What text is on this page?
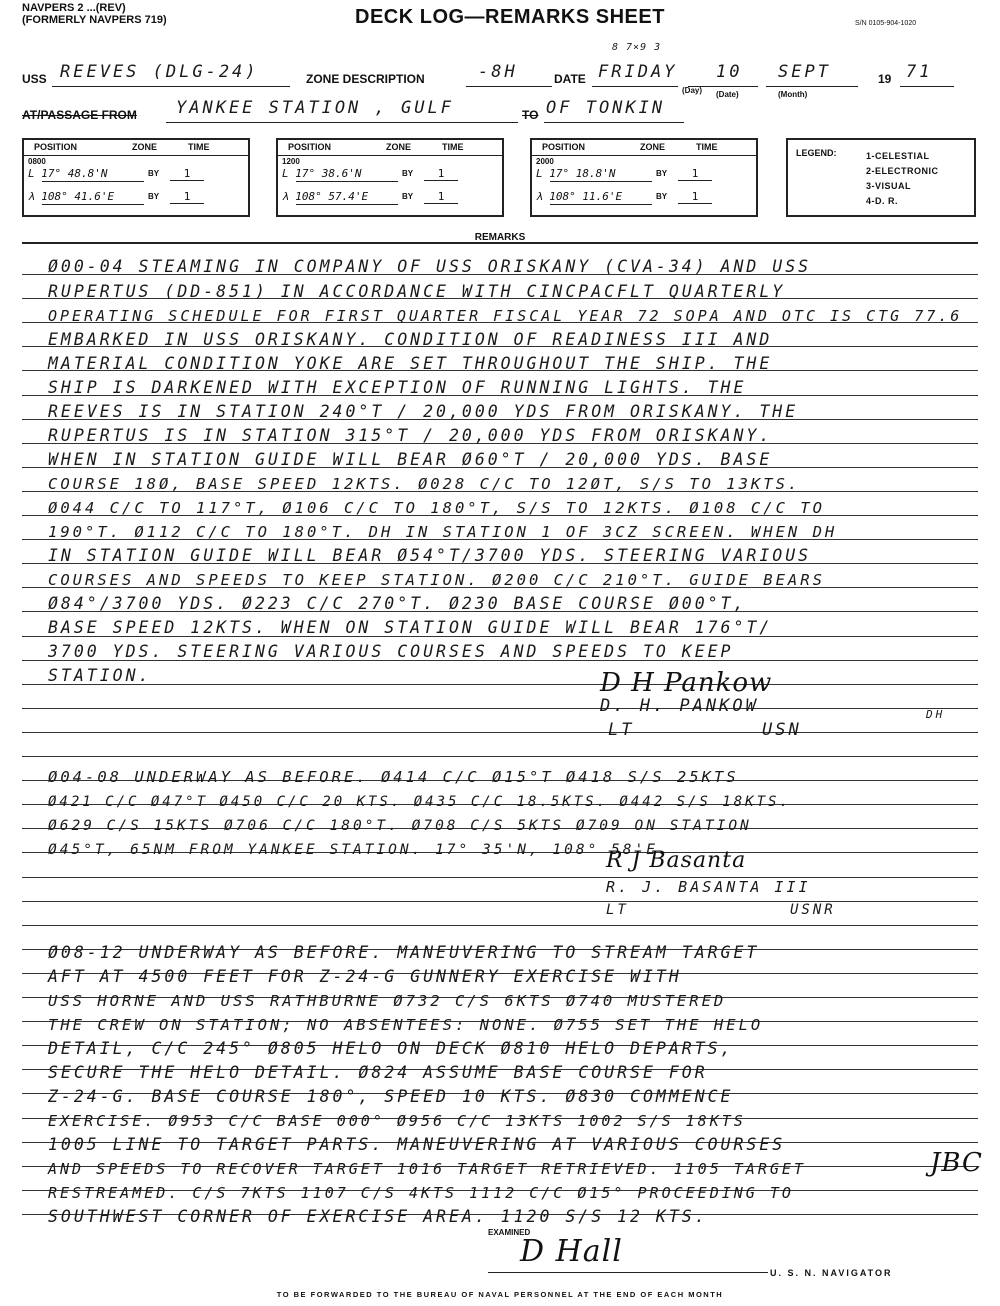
NAVPERS 2 ...(REV)
(FORMERLY NAVPERS 719)	DECK LOG—REMARKS SHEET	S/N 0105-904-1020
8 7×9 3
USS REEVES (DLG-24)	ZONE DESCRIPTION	-8H	DATE FRIDAY
(Day)
10
(Date)
SEPT
(Month)
19 71
AT/PASSAGE FROM YANKEE STATION , GULF	TO OF TONKIN
POSITION	ZONE	TIME
0800
L 17° 48.8'N	BY	1
λ 108° 41.6'E	BY	1
POSITION	ZONE	TIME
1200
L 17° 38.6'N	BY	1
λ 108° 57.4'E	BY	1
POSITION	ZONE	TIME
2000
L 17° 18.8'N	BY	1
λ 108° 11.6'E	BY	1
LEGEND:	1-CELESTIAL
2-ELECTRONIC
3-VISUAL
4-D. R.
REMARKS
Ø00-04 STEAMING IN COMPANY OF USS ORISKANY (CVA-34) AND USS
RUPERTUS (DD-851) IN ACCORDANCE WITH CINCPACFLT QUARTERLY
OPERATING SCHEDULE FOR FIRST QUARTER FISCAL YEAR 72 SOPA AND OTC IS CTG 77.6
EMBARKED IN USS ORISKANY. CONDITION OF READINESS III AND
MATERIAL CONDITION YOKE ARE SET THROUGHOUT THE SHIP. THE
SHIP IS DARKENED WITH EXCEPTION OF RUNNING LIGHTS. THE
REEVES IS IN STATION 240°T / 20,000 YDS FROM ORISKANY. THE
RUPERTUS IS IN STATION 315°T / 20,000 YDS FROM ORISKANY.
WHEN IN STATION GUIDE WILL BEAR Ø60°T / 20,000 YDS. BASE
COURSE 18Ø, BASE SPEED 12KTS. Ø028 C/C TO 12ØT, S/S TO 13KTS.
Ø044 C/C TO 117°T, Ø106 C/C TO 180°T, S/S TO 12KTS. Ø108 C/C TO
190°T. Ø112 C/C TO 180°T. DH IN STATION 1 OF 3CZ SCREEN. WHEN DH
IN STATION GUIDE WILL BEAR Ø54°T/3700 YDS. STEERING VARIOUS
COURSES AND SPEEDS TO KEEP STATION. Ø200 C/C 210°T. GUIDE BEARS
Ø84°/3700 YDS. Ø223 C/C 270°T. Ø230 BASE COURSE Ø00°T,
BASE SPEED 12KTS. WHEN ON STATION GUIDE WILL BEAR 176°T/
3700 YDS. STEERING VARIOUS COURSES AND SPEEDS TO KEEP
STATION.	D H Pankow
D. H. PANKOW
LT	USN
Ø04-08 UNDERWAY AS BEFORE. Ø414 C/C Ø15°T Ø418 S/S 25KTS
Ø421 C/C Ø47°T Ø450 C/C 20 KTS. Ø435 C/C 18.5KTS. Ø442 S/S 18KTS.
Ø629 C/S 15KTS Ø706 C/C 180°T. Ø708 C/S 5KTS Ø709 ON STATION
Ø45°T, 65NM FROM YANKEE STATION. 17° 35'N, 108° 58'E.
R J Basanta
R. J. BASANTA III
LT	USNR
Ø08-12 UNDERWAY AS BEFORE. MANEUVERING TO STREAM TARGET
AFT AT 4500 FEET FOR Z-24-G GUNNERY EXERCISE WITH
USS HORNE AND USS RATHBURNE Ø732 C/S 6KTS Ø740 MUSTERED
THE CREW ON STATION; NO ABSENTEES: NONE. Ø755 SET THE HELO
DETAIL, C/C 245° Ø805 HELO ON DECK Ø810 HELO DEPARTS,
SECURE THE HELO DETAIL. Ø824 ASSUME BASE COURSE FOR
Z-24-G. BASE COURSE 180°, SPEED 10 KTS. Ø830 COMMENCE
EXERCISE. Ø953 C/C BASE 000° Ø956 C/C 13KTS 1002 S/S 18KTS
1005 LINE TO TARGET PARTS. MANEUVERING AT VARIOUS COURSES
AND SPEEDS TO RECOVER TARGET 1016 TARGET RETRIEVED. 1105 TARGET
RESTREAMED. C/S 7KTS 1107 C/S 4KTS 1112 C/C Ø15° PROCEEDING TO
SOUTHWEST CORNER OF EXERCISE AREA. 1120 S/S 12 KTS.
DH
JBC
EXAMINED
D Hall
U. S. N. NAVIGATOR
TO BE FORWARDED TO THE BUREAU OF NAVAL PERSONNEL AT THE END OF EACH MONTH
